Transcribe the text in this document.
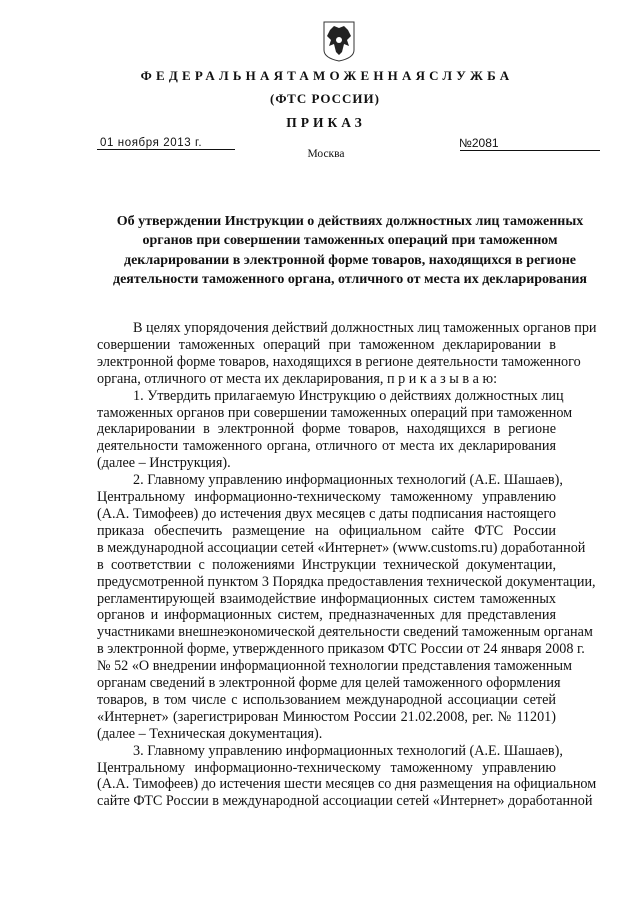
ФЕДЕРАЛЬНАЯТАМОЖЕННАЯСЛУЖБА
(ФТС РОССИИ)
ПРИКАЗ
01 ноября 2013 г.	№2081
Москва
Об утверждении Инструкции о действиях должностных лиц таможенных
органов при совершении таможенных операций при таможенном
декларировании в электронной форме товаров, находящихся в регионе
деятельности таможенного органа, отличного от места их декларирования
В целях упорядочения действий должностных лиц таможенных органов при
совершении таможенных операций при таможенном декларировании в
электронной форме товаров, находящихся в регионе деятельности таможенного
органа, отличного от места их декларирования, п р и к а з ы в а ю:
1. Утвердить прилагаемую Инструкцию о действиях должностных лиц
таможенных органов при совершении таможенных операций при таможенном
декларировании в электронной форме товаров, находящихся в регионе
деятельности таможенного органа, отличного от места их декларирования
(далее – Инструкция).
2. Главному управлению информационных технологий (А.Е. Шашаев),
Центральному информационно-техническому таможенному управлению
(А.А. Тимофеев) до истечения двух месяцев с даты подписания настоящего
приказа обеспечить размещение на официальном сайте ФТС России
в международной ассоциации сетей «Интернет» (www.customs.ru) доработанной
в соответствии с положениями Инструкции технической документации,
предусмотренной пунктом 3 Порядка предоставления технической документации,
регламентирующей взаимодействие информационных систем таможенных
органов и информационных систем, предназначенных для представления
участниками внешнеэкономической деятельности сведений таможенным органам
в электронной форме, утвержденного приказом ФТС России от 24 января 2008 г.
№ 52 «О внедрении информационной технологии представления таможенным
органам сведений в электронной форме для целей таможенного оформления
товаров, в том числе с использованием международной ассоциации сетей
«Интернет» (зарегистрирован Минюстом России 21.02.2008, рег. № 11201)
(далее – Техническая документация).
3. Главному управлению информационных технологий (А.Е. Шашаев),
Центральному информационно-техническому таможенному управлению
(А.А. Тимофеев) до истечения шести месяцев со дня размещения на официальном
сайте ФТС России в международной ассоциации сетей «Интернет» доработанной
